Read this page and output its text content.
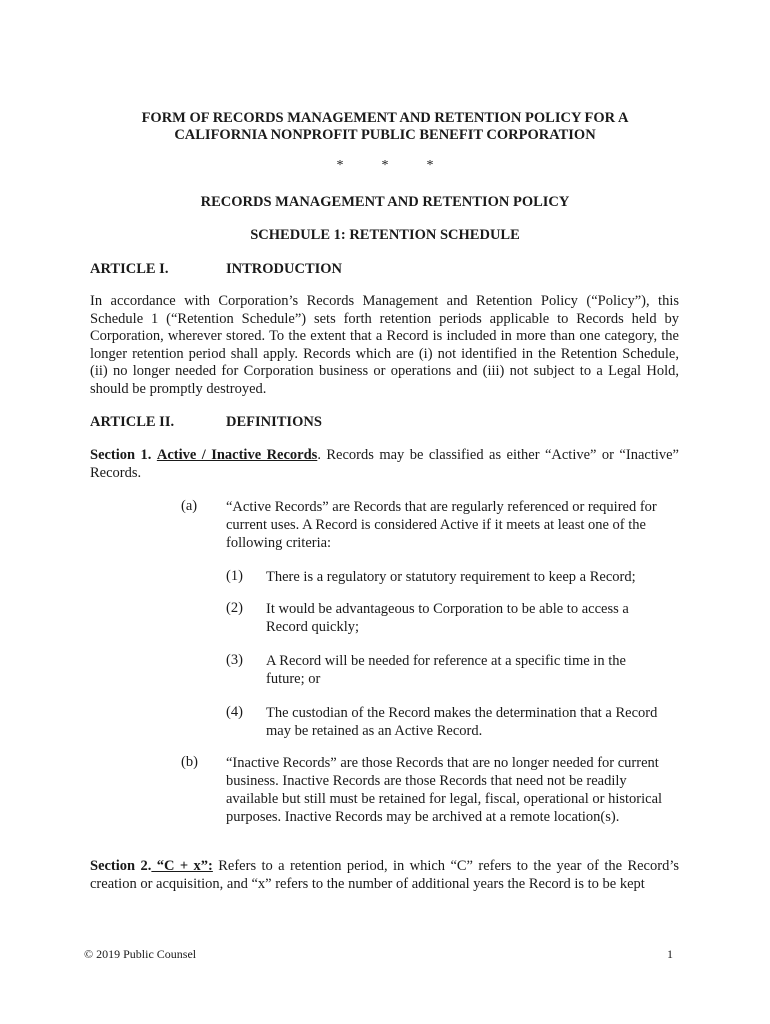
FORM OF RECORDS MANAGEMENT AND RETENTION POLICY FOR A
CALIFORNIA NONPROFIT PUBLIC BENEFIT CORPORATION
*	*	*
RECORDS MANAGEMENT AND RETENTION POLICY
SCHEDULE 1: RETENTION SCHEDULE
ARTICLE I.	INTRODUCTION
In accordance with Corporation’s Records Management and Retention Policy (“Policy”), this Schedule 1 (“Retention Schedule”) sets forth retention periods applicable to Records held by Corporation, wherever stored. To the extent that a Record is included in more than one category, the longer retention period shall apply. Records which are (i) not identified in the Retention Schedule, (ii) no longer needed for Corporation business or operations and (iii) not subject to a Legal Hold, should be promptly destroyed.
ARTICLE II.	DEFINITIONS
Section 1. Active / Inactive Records. Records may be classified as either “Active” or “Inactive” Records.
(a) “Active Records” are Records that are regularly referenced or required for current uses. A Record is considered Active if it meets at least one of the following criteria:
(1) There is a regulatory or statutory requirement to keep a Record;
(2) It would be advantageous to Corporation to be able to access a Record quickly;
(3) A Record will be needed for reference at a specific time in the future; or
(4) The custodian of the Record makes the determination that a Record may be retained as an Active Record.
(b) “Inactive Records” are those Records that are no longer needed for current business. Inactive Records are those Records that need not be readily available but still must be retained for legal, fiscal, operational or historical purposes. Inactive Records may be archived at a remote location(s).
Section 2. “C + x”: Refers to a retention period, in which “C” refers to the year of the Record’s creation or acquisition, and “x” refers to the number of additional years the Record is to be kept
© 2019 Public Counsel	1
